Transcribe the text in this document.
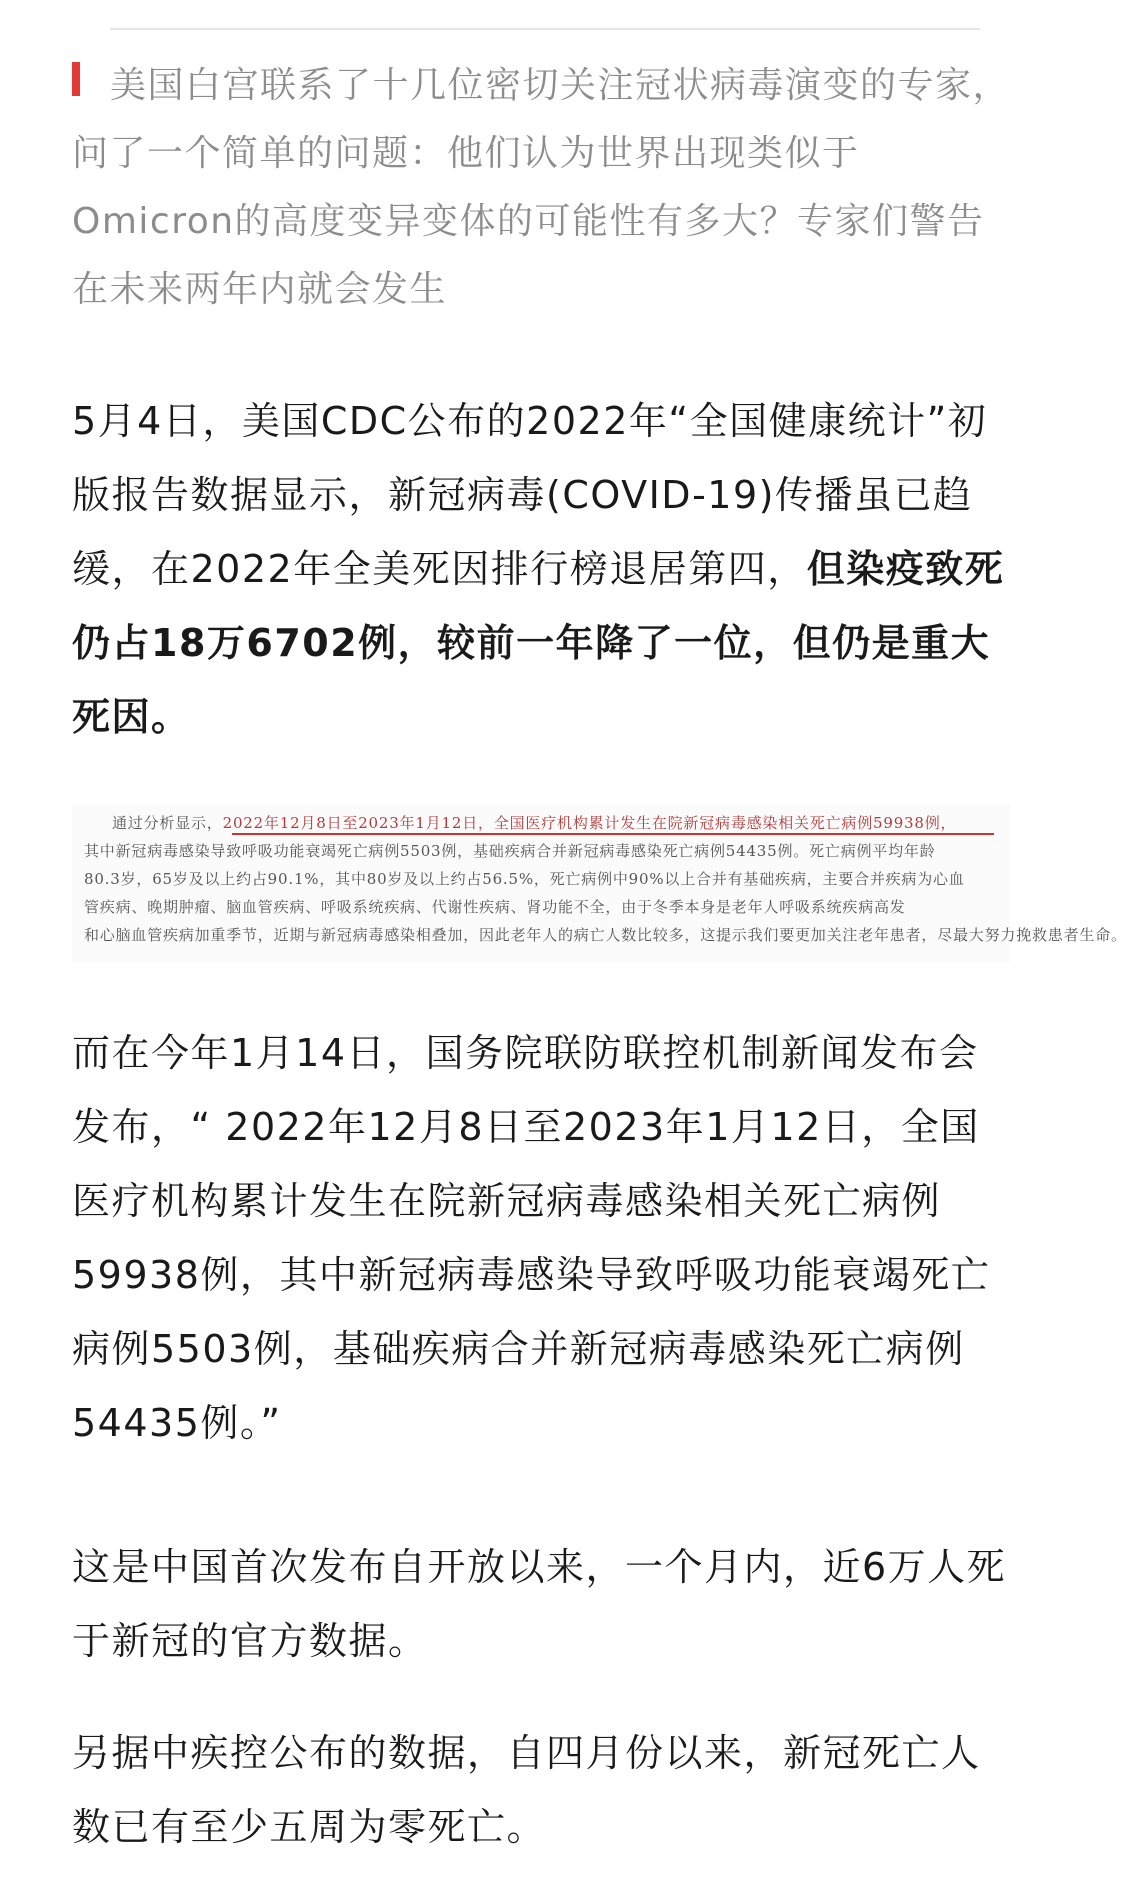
美国白宫联系了十几位密切关注冠状病毒演变的专家，问了一个简单的问题：他们认为世界出现类似于Omicron的高度变异变体的可能性有多大？专家们警告在未来两年内就会发生

5月4日，美国CDC公布的2022年“全国健康统计”初版报告数据显示，新冠病毒(COVID-19)传播虽已趋缓，在2022年全美死因排行榜退居第四，但染疫致死仍占18万6702例，较前一年降了一位，但仍是重大死因。

通过分析显示，2022年12月8日至2023年1月12日，全国医疗机构累计发生在院新冠病毒感染相关死亡病例59938例，
其中新冠病毒感染导致呼吸功能衰竭死亡病例5503例，基础疾病合并新冠病毒感染死亡病例54435例。死亡病例平均年龄
80.3岁，65岁及以上约占90.1%，其中80岁及以上约占56.5%，死亡病例中90%以上合并有基础疾病，主要合并疾病为心血
管疾病、晚期肿瘤、脑血管疾病、呼吸系统疾病、代谢性疾病、肾功能不全，由于冬季本身是老年人呼吸系统疾病高发
和心脑血管疾病加重季节，近期与新冠病毒感染相叠加，因此老年人的病亡人数比较多，这提示我们要更加关注老年患者，尽最大努力挽救患者生命。

而在今年1月14日，国务院联防联控机制新闻发布会发布，“ 2022年12月8日至2023年1月12日，全国医疗机构累计发生在院新冠病毒感染相关死亡病例59938例，其中新冠病毒感染导致呼吸功能衰竭死亡病例5503例，基础疾病合并新冠病毒感染死亡病例54435例。”

这是中国首次发布自开放以来，一个月内，近6万人死于新冠的官方数据。

另据中疾控公布的数据，自四月份以来，新冠死亡人数已有至少五周为零死亡。
